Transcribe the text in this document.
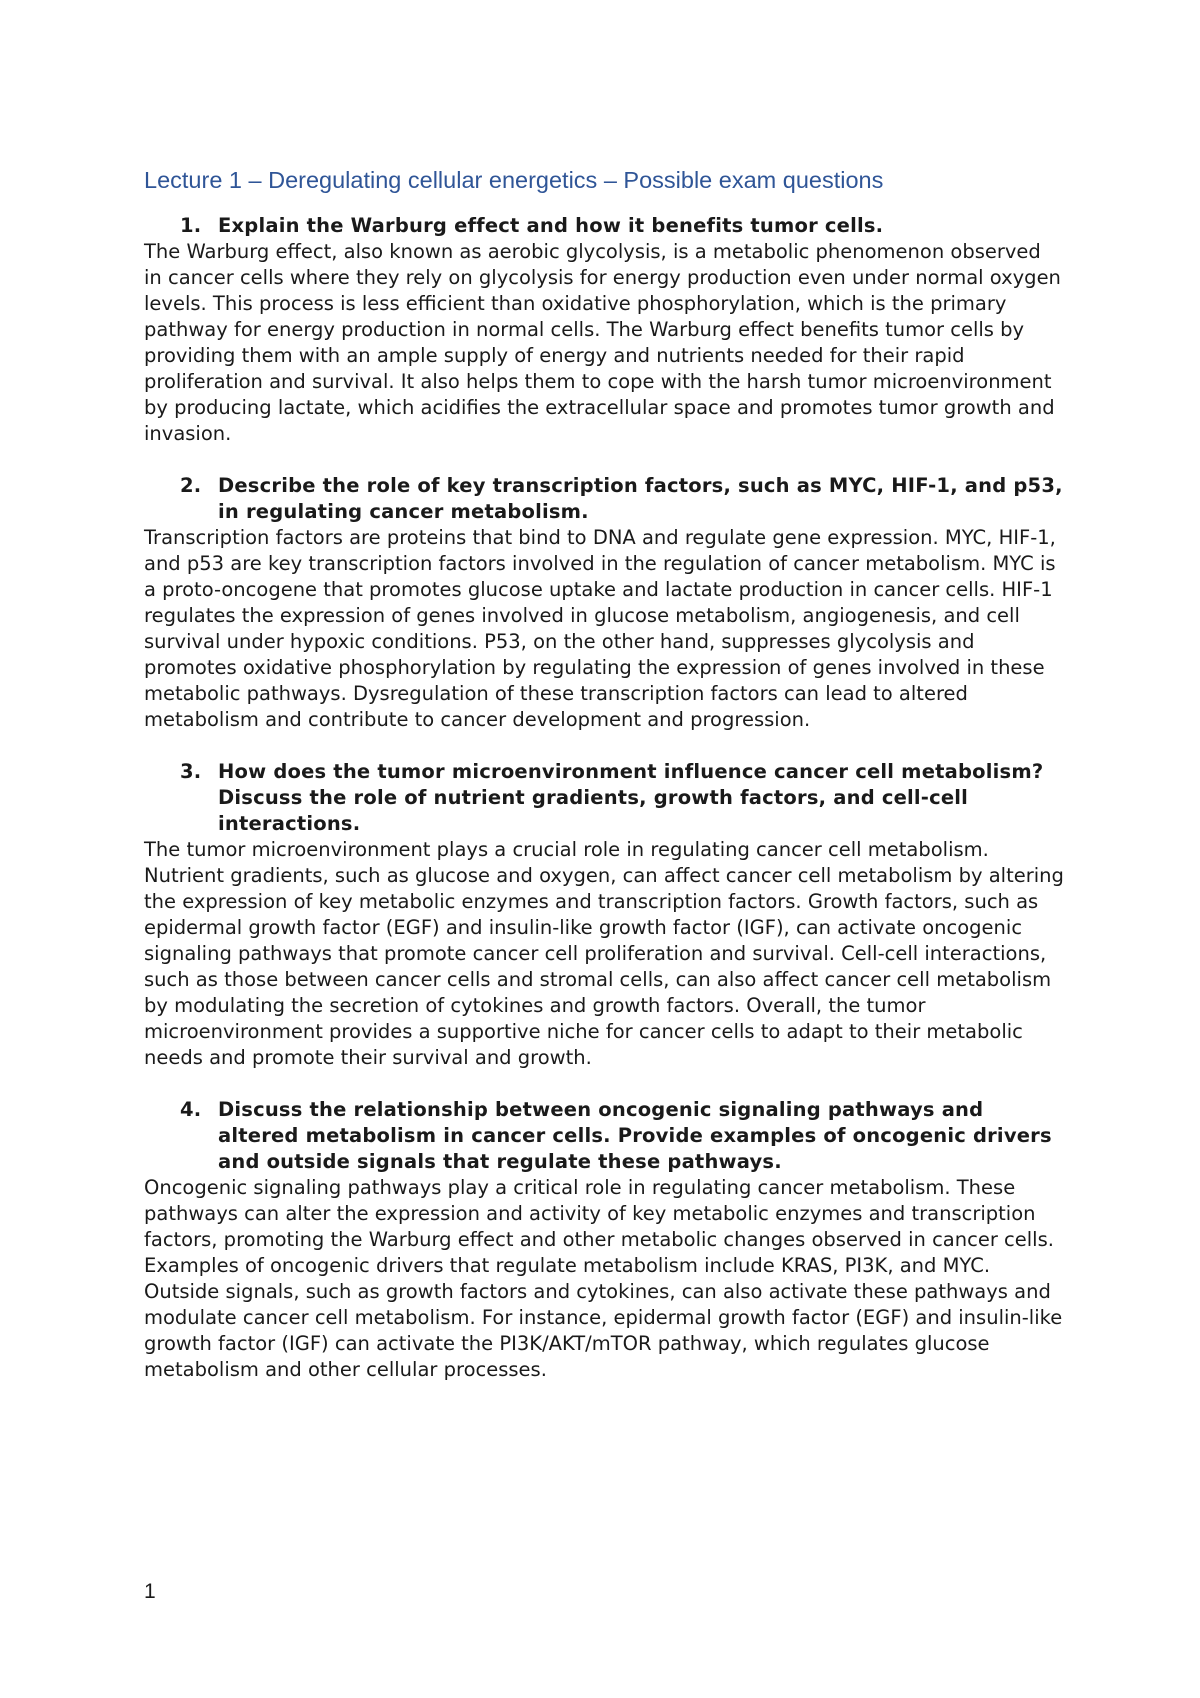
Lecture 1 – Deregulating cellular energetics – Possible exam questions
1. Explain the Warburg effect and how it benefits tumor cells.

The Warburg effect, also known as aerobic glycolysis, is a metabolic phenomenon observed in cancer cells where they rely on glycolysis for energy production even under normal oxygen levels. This process is less efficient than oxidative phosphorylation, which is the primary pathway for energy production in normal cells. The Warburg effect benefits tumor cells by providing them with an ample supply of energy and nutrients needed for their rapid proliferation and survival. It also helps them to cope with the harsh tumor microenvironment by producing lactate, which acidifies the extracellular space and promotes tumor growth and invasion.

2. Describe the role of key transcription factors, such as MYC, HIF-1, and p53, in regulating cancer metabolism.

Transcription factors are proteins that bind to DNA and regulate gene expression. MYC, HIF-1, and p53 are key transcription factors involved in the regulation of cancer metabolism. MYC is a proto-oncogene that promotes glucose uptake and lactate production in cancer cells. HIF-1 regulates the expression of genes involved in glucose metabolism, angiogenesis, and cell survival under hypoxic conditions. P53, on the other hand, suppresses glycolysis and promotes oxidative phosphorylation by regulating the expression of genes involved in these metabolic pathways. Dysregulation of these transcription factors can lead to altered metabolism and contribute to cancer development and progression.

3. How does the tumor microenvironment influence cancer cell metabolism? Discuss the role of nutrient gradients, growth factors, and cell-cell interactions.

The tumor microenvironment plays a crucial role in regulating cancer cell metabolism. Nutrient gradients, such as glucose and oxygen, can affect cancer cell metabolism by altering the expression of key metabolic enzymes and transcription factors. Growth factors, such as epidermal growth factor (EGF) and insulin-like growth factor (IGF), can activate oncogenic signaling pathways that promote cancer cell proliferation and survival. Cell-cell interactions, such as those between cancer cells and stromal cells, can also affect cancer cell metabolism by modulating the secretion of cytokines and growth factors. Overall, the tumor microenvironment provides a supportive niche for cancer cells to adapt to their metabolic needs and promote their survival and growth.

4. Discuss the relationship between oncogenic signaling pathways and altered metabolism in cancer cells. Provide examples of oncogenic drivers and outside signals that regulate these pathways.

Oncogenic signaling pathways play a critical role in regulating cancer metabolism. These pathways can alter the expression and activity of key metabolic enzymes and transcription factors, promoting the Warburg effect and other metabolic changes observed in cancer cells. Examples of oncogenic drivers that regulate metabolism include KRAS, PI3K, and MYC. Outside signals, such as growth factors and cytokines, can also activate these pathways and modulate cancer cell metabolism. For instance, epidermal growth factor (EGF) and insulin-like growth factor (IGF) can activate the PI3K/AKT/mTOR pathway, which regulates glucose metabolism and other cellular processes.

1
